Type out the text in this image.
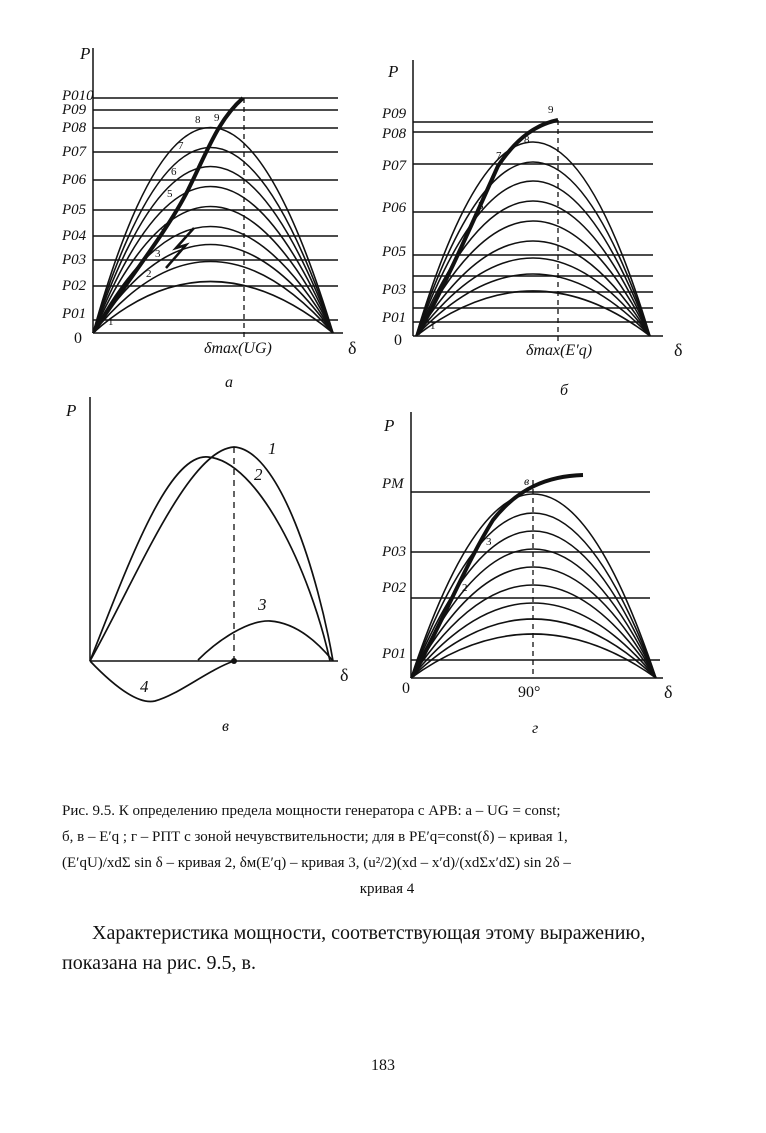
P
P010
P09
P08
P07
P06
P05
P04
P03
P02
P01
0
1
2
3
4
5
6
7
8 9
δmax(UG)	δ
а
P
P09
P08
P07
P06
P05
P03
P01
0
1
5
7
8
9
δmax(E′q)	δ
б
P
1
2
3
4
δ
в
P
PМ
P03
P02
P01
0	90°	δ
2
3
в
г
Рис. 9.5. К определению предела мощности генератора с АРВ: а – UG = const;
б, в – E′q ; г – РПТ с зоной нечувствительности; для в PE′q=const(δ) – кривая 1,
(E′qU)/xdΣ sin δ – кривая 2, δм(E′q) – кривая 3, (u²/2)(xd – x′d)/(xdΣx′dΣ) sin 2δ –
кривая 4
Характеристика мощности, соответствующая этому выражению, показана на рис. 9.5, в.
183
